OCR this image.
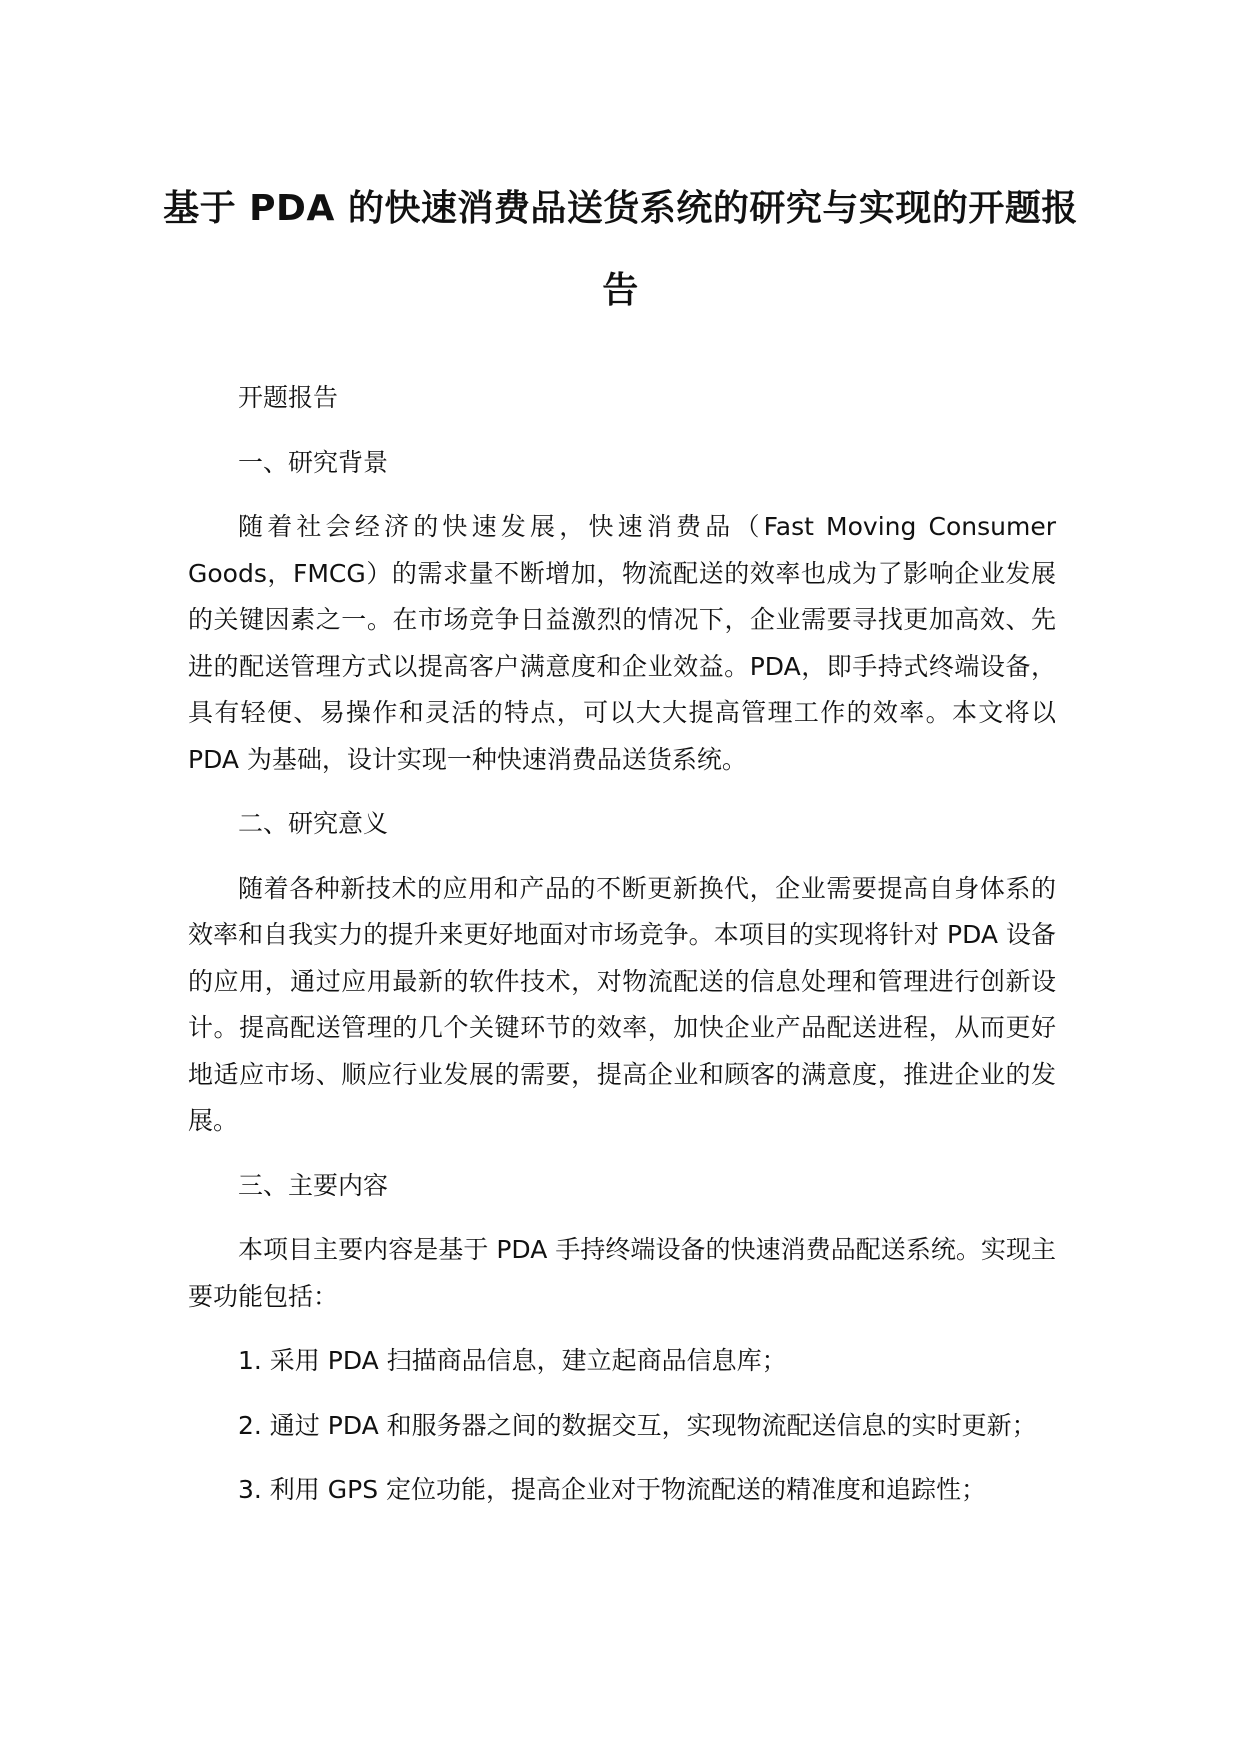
基于 PDA 的快速消费品送货系统的研究与实现的开题报告

开题报告

一、研究背景

随着社会经济的快速发展，快速消费品（Fast Moving Consumer Goods，FMCG）的需求量不断增加，物流配送的效率也成为了影响企业发展的关键因素之一。在市场竞争日益激烈的情况下，企业需要寻找更加高效、先进的配送管理方式以提高客户满意度和企业效益。PDA，即手持式终端设备，具有轻便、易操作和灵活的特点，可以大大提高管理工作的效率。本文将以 PDA 为基础，设计实现一种快速消费品送货系统。

二、研究意义

随着各种新技术的应用和产品的不断更新换代，企业需要提高自身体系的效率和自我实力的提升来更好地面对市场竞争。本项目的实现将针对 PDA 设备的应用，通过应用最新的软件技术，对物流配送的信息处理和管理进行创新设计。提高配送管理的几个关键环节的效率，加快企业产品配送进程，从而更好地适应市场、顺应行业发展的需要，提高企业和顾客的满意度，推进企业的发展。

三、主要内容

本项目主要内容是基于 PDA 手持终端设备的快速消费品配送系统。实现主要功能包括：

1. 采用 PDA 扫描商品信息，建立起商品信息库；

2. 通过 PDA 和服务器之间的数据交互，实现物流配送信息的实时更新；

3. 利用 GPS 定位功能，提高企业对于物流配送的精准度和追踪性；
